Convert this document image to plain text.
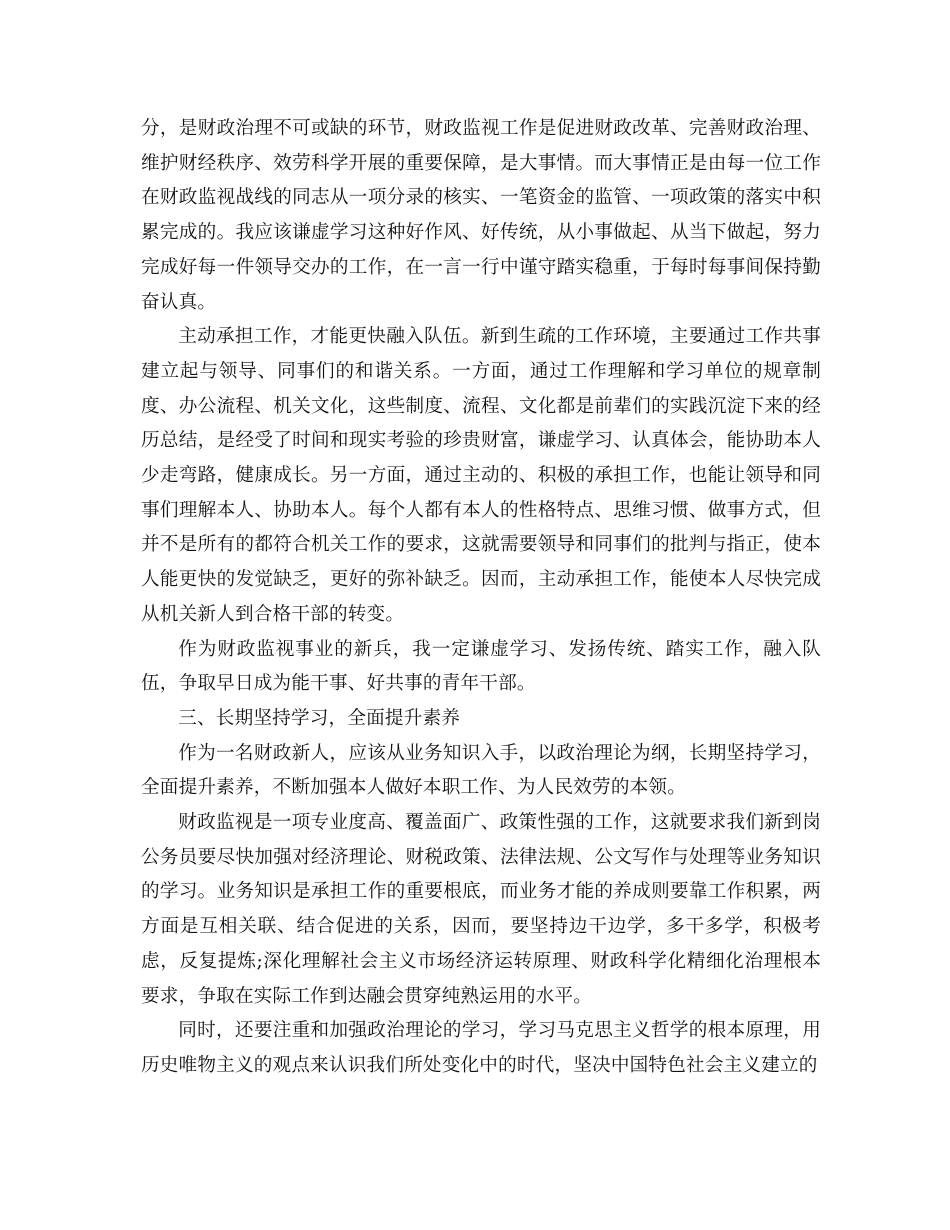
分，是财政治理不可或缺的环节，财政监视工作是促进财政改革、完善财政治理、维护财经秩序、效劳科学开展的重要保障，是大事情。而大事情正是由每一位工作在财政监视战线的同志从一项分录的核实、一笔资金的监管、一项政策的落实中积累完成的。我应该谦虚学习这种好作风、好传统，从小事做起、从当下做起，努力完成好每一件领导交办的工作，在一言一行中谨守踏实稳重，于每时每事间保持勤奋认真。

主动承担工作，才能更快融入队伍。新到生疏的工作环境，主要通过工作共事建立起与领导、同事们的和谐关系。一方面，通过工作理解和学习单位的规章制度、办公流程、机关文化，这些制度、流程、文化都是前辈们的实践沉淀下来的经历总结，是经受了时间和现实考验的珍贵财富，谦虚学习、认真体会，能协助本人少走弯路，健康成长。另一方面，通过主动的、积极的承担工作，也能让领导和同事们理解本人、协助本人。每个人都有本人的性格特点、思维习惯、做事方式，但并不是所有的都符合机关工作的要求，这就需要领导和同事们的批判与指正，使本人能更快的发觉缺乏，更好的弥补缺乏。因而，主动承担工作，能使本人尽快完成从机关新人到合格干部的转变。

作为财政监视事业的新兵，我一定谦虚学习、发扬传统、踏实工作，融入队伍，争取早日成为能干事、好共事的青年干部。

三、长期坚持学习，全面提升素养

作为一名财政新人，应该从业务知识入手，以政治理论为纲，长期坚持学习，全面提升素养，不断加强本人做好本职工作、为人民效劳的本领。

财政监视是一项专业度高、覆盖面广、政策性强的工作，这就要求我们新到岗公务员要尽快加强对经济理论、财税政策、法律法规、公文写作与处理等业务知识的学习。业务知识是承担工作的重要根底，而业务才能的养成则要靠工作积累，两方面是互相关联、结合促进的关系，因而，要坚持边干边学，多干多学，积极考虑，反复提炼;深化理解社会主义市场经济运转原理、财政科学化精细化治理根本要求，争取在实际工作到达融会贯穿纯熟运用的水平。

同时，还要注重和加强政治理论的学习，学习马克思主义哲学的根本原理，用历史唯物主义的观点来认识我们所处变化中的时代，坚决中国特色社会主义建立的
